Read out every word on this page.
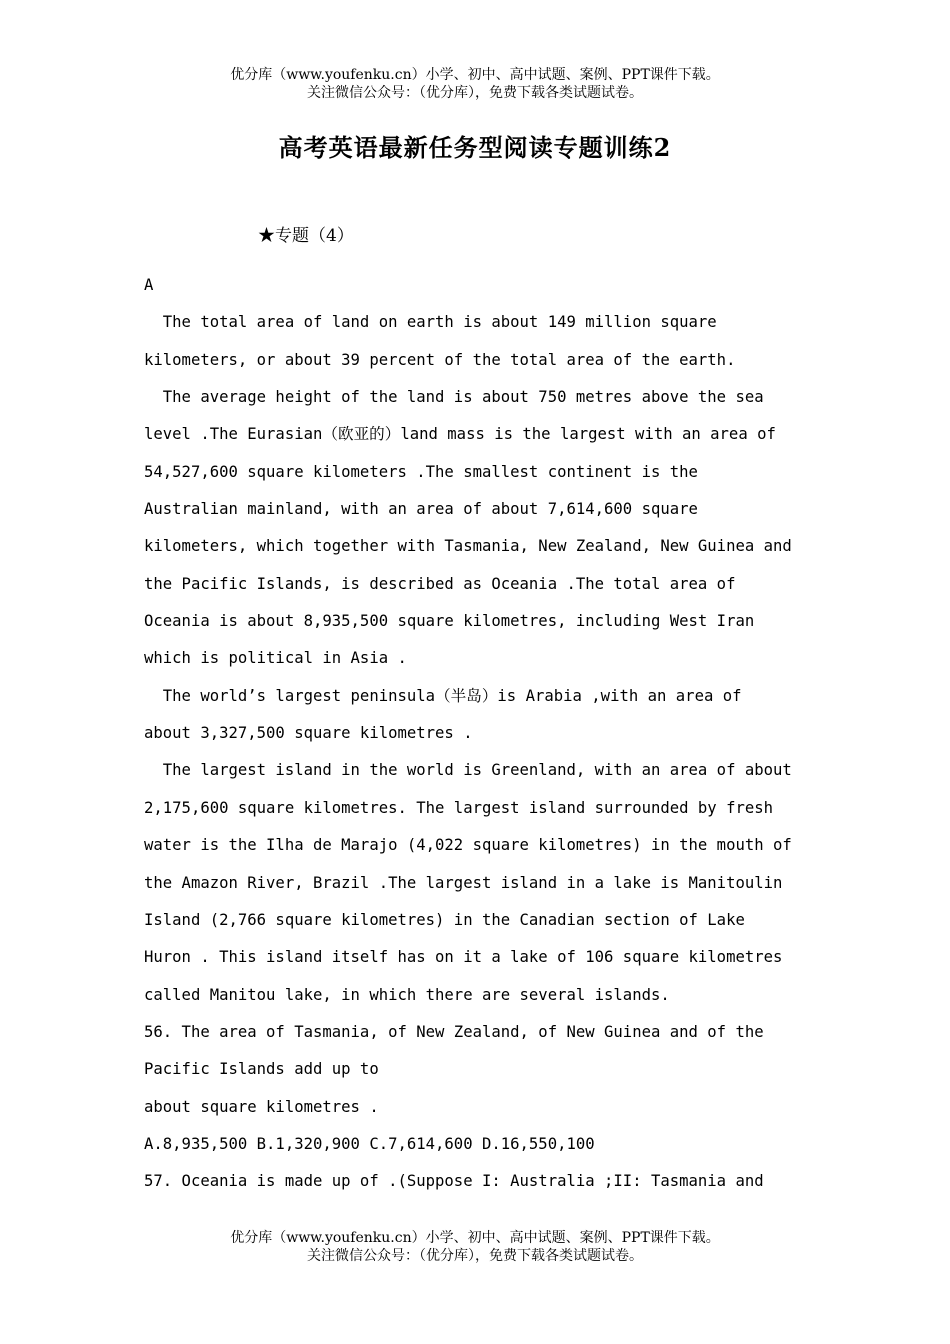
优分库（www.youfenku.cn）小学、初中、高中试题、案例、PPT课件下载。
关注微信公众号：（优分库），免费下载各类试题试卷。
高考英语最新任务型阅读专题训练2
★专题（4）
A
The total area of land on earth is about 149 million square
kilometers, or about 39 percent of the total area of the earth.
The average height of the land is about 750 metres above the sea
level .The Eurasian（欧亚的）land mass is the largest with an area of
54,527,600 square kilometers .The smallest continent is the
Australian mainland, with an area of about 7,614,600 square
kilometers, which together with Tasmania, New Zealand, New Guinea and
the Pacific Islands, is described as Oceania .The total area of
Oceania is about 8,935,500 square kilometres, including West Iran
which is political in Asia .
The world’s largest peninsula（半岛）is Arabia ,with an area of
about 3,327,500 square kilometres .
The largest island in the world is Greenland, with an area of about
2,175,600 square kilometres. The largest island surrounded by fresh
water is the Ilha de Marajo (4,022 square kilometres) in the mouth of
the Amazon River, Brazil .The largest island in a lake is Manitoulin
Island (2,766 square kilometres) in the Canadian section of Lake
Huron . This island itself has on it a lake of 106 square kilometres
called Manitou lake, in which there are several islands.
56. The area of Tasmania, of New Zealand, of New Guinea and of the
Pacific Islands add up to
about square kilometres .
A.8,935,500 B.1,320,900 C.7,614,600 D.16,550,100
57. Oceania is made up of .(Suppose I: Australia ;II: Tasmania and
优分库（www.youfenku.cn）小学、初中、高中试题、案例、PPT课件下载。
关注微信公众号：（优分库），免费下载各类试题试卷。
